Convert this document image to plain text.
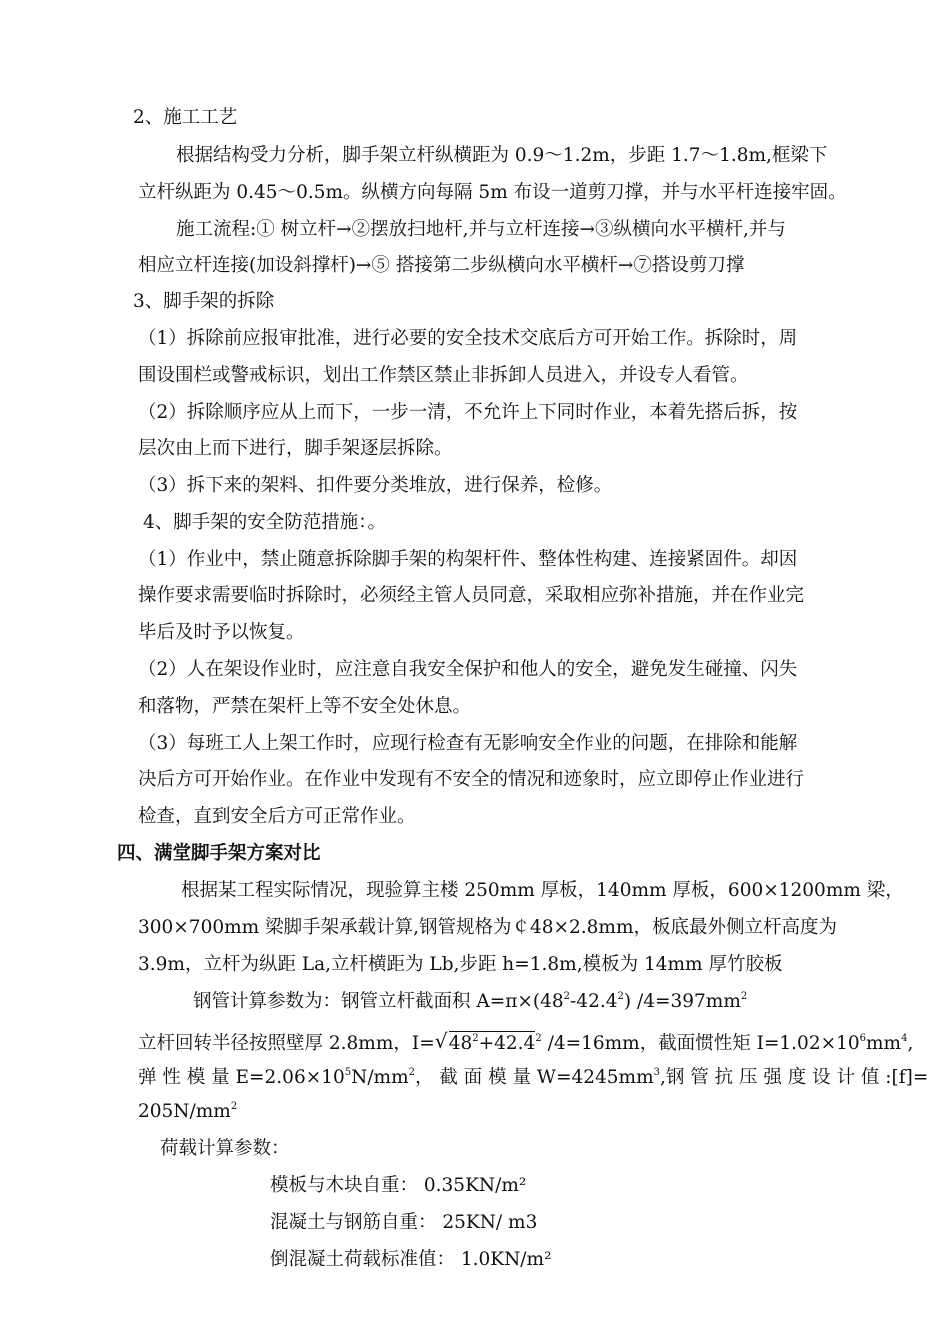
2、施工工艺
根据结构受力分析，脚手架立杆纵横距为 0.9～1.2m，步距 1.7～1.8m,框梁下
立杆纵距为 0.45～0.5m。纵横方向每隔 5m 布设一道剪刀撑，并与水平杆连接牢固。
施工流程:① 树立杆→②摆放扫地杆,并与立杆连接→③纵横向水平横杆,并与
相应立杆连接(加设斜撑杆)→⑤ 搭接第二步纵横向水平横杆→⑦搭设剪刀撑
3、脚手架的拆除
（1）拆除前应报审批准，进行必要的安全技术交底后方可开始工作。拆除时，周
围设围栏或警戒标识，划出工作禁区禁止非拆卸人员进入，并设专人看管。
（2）拆除顺序应从上而下，一步一清，不允许上下同时作业，本着先搭后拆，按
层次由上而下进行，脚手架逐层拆除。
（3）拆下来的架料、扣件要分类堆放，进行保养，检修。
4、脚手架的安全防范措施：。
（1）作业中，禁止随意拆除脚手架的构架杆件、整体性构建、连接紧固件。却因
操作要求需要临时拆除时，必须经主管人员同意，采取相应弥补措施，并在作业完
毕后及时予以恢复。
（2）人在架设作业时，应注意自我安全保护和他人的安全，避免发生碰撞、闪失
和落物，严禁在架杆上等不安全处休息。
（3）每班工人上架工作时，应现行检查有无影响安全作业的问题，在排除和能解
决后方可开始作业。在作业中发现有不安全的情况和迹象时，应立即停止作业进行
检查，直到安全后方可正常作业。
四、满堂脚手架方案对比
根据某工程实际情况，现验算主楼 250mm 厚板，140mm 厚板，600×1200mm 梁，
300×700mm 梁脚手架承载计算,钢管规格为￠48×2.8mm，板底最外侧立杆高度为
3.9m，立杆为纵距 La,立杆横距为 Lb,步距 h=1.8m,模板为 14mm 厚竹胶板
钢管计算参数为：钢管立杆截面积 $A=\pi\times(48^2-42.4^2)$ $/4=397mm^2$
立杆回转半径按照壁厚 2.8mm，I= √ $48^2+42.4^2$ /4=16mm，截面惯性矩 $I=1.02\times 10^6mm^4$,
弹 性 模 量 $E=2.06\times 10^5N/mm^2$， 截 面 模 量 $W=4245mm^3$,钢 管 抗 压 强 度 设 计 值 :[f]=
$205N/mm^2$
荷载计算参数：
模板与木块自重： 0.35KN/m²
混凝土与钢筋自重： 25KN/ m3
倒混凝土荷载标准值： 1.0KN/m²
